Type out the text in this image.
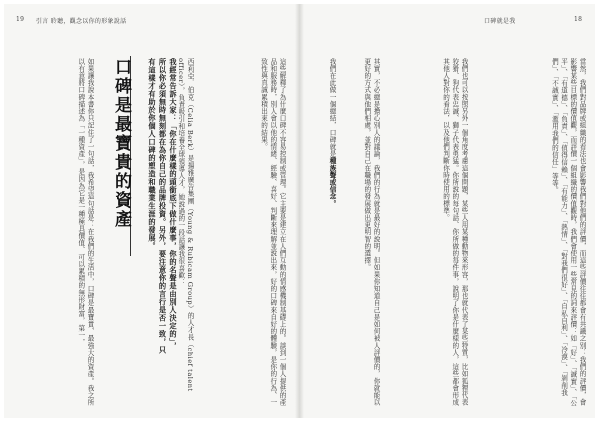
19 引言 聆聽，觀念以你的形象說話
這些解釋了為什麼口碑不容易控制或管理。它主要是建立在人們互動的情感機制基礎上的。談到一個人提供的產品和服務時，別人會以他的情緒、經驗、喜好、判斷來理解並說出來，好的口碑來自好的體驗，是你的行為、一致性與真誠累積出來的結果。
西莉亞．伯克（Celia Berk）是揚雅廣告集團（Young & Rubicam Group）的人才長（chief talent officer），負責吸引和培養全球領導人才，她說過的一段話讓我很喜歡：
我經常告訴大家：「你在什麼樣的頭銜底下做什麼事，你的名聲是由別人決定的」，所以你必須無時無刻都在為你自己的品牌投資。另外，要注意你的言行是否一致，只有這樣才有助於你個人口碑的塑造和職業生涯的發展。
口碑是最寶貴的資產
如果讓我說本書你只記住了一句話，我希望這句話是：在我們的生活中，口碑是最寶貴、最強大的資產。我之所以有意將口碑描述為「一種資產」，是因為它是一種極具價值、可以累積的無形財富，第一，
口碑就是我	18
當然，我們對品牌或組織的看法也會影響我們對他們的評價，而這些評價往往都會有共識之別：我們的評價，會影響某些目標的價值觀，而評價一個組織的價值觀時，我們會使用一些常見的詞來評價：如「好」、「誠實」、「公平」、「有道德」、「負責」、「值得信賴」、「有能力」、「熱情」、「對我們很好」、「自私自利」、「冷漠」、「剝削我們」、「不誠實」、「濫用我們的信任」等等。
我們也可以按照另外一個角度考慮這個問題，某些人用某種動物來形容，那也就代表了某些特質，比如狐狸代表狡猾、狗代表忠誠、獅子代表勇猛。你所說的每句話、你所做的每件事，說明了你是什麼樣的人，這些都會形成其他人對你的看法，以及他們判斷你時使用的標準。
其實，不必總是擔心別人的議論，我們的行為就是最好的說明。但如果你知道自己是如何被人評價的，你就能以更好的方式與他們相處，並對自己在職場的發展做出更明智的選擇。
我們在此做一個總結，口碑就是種族聲或信念。
